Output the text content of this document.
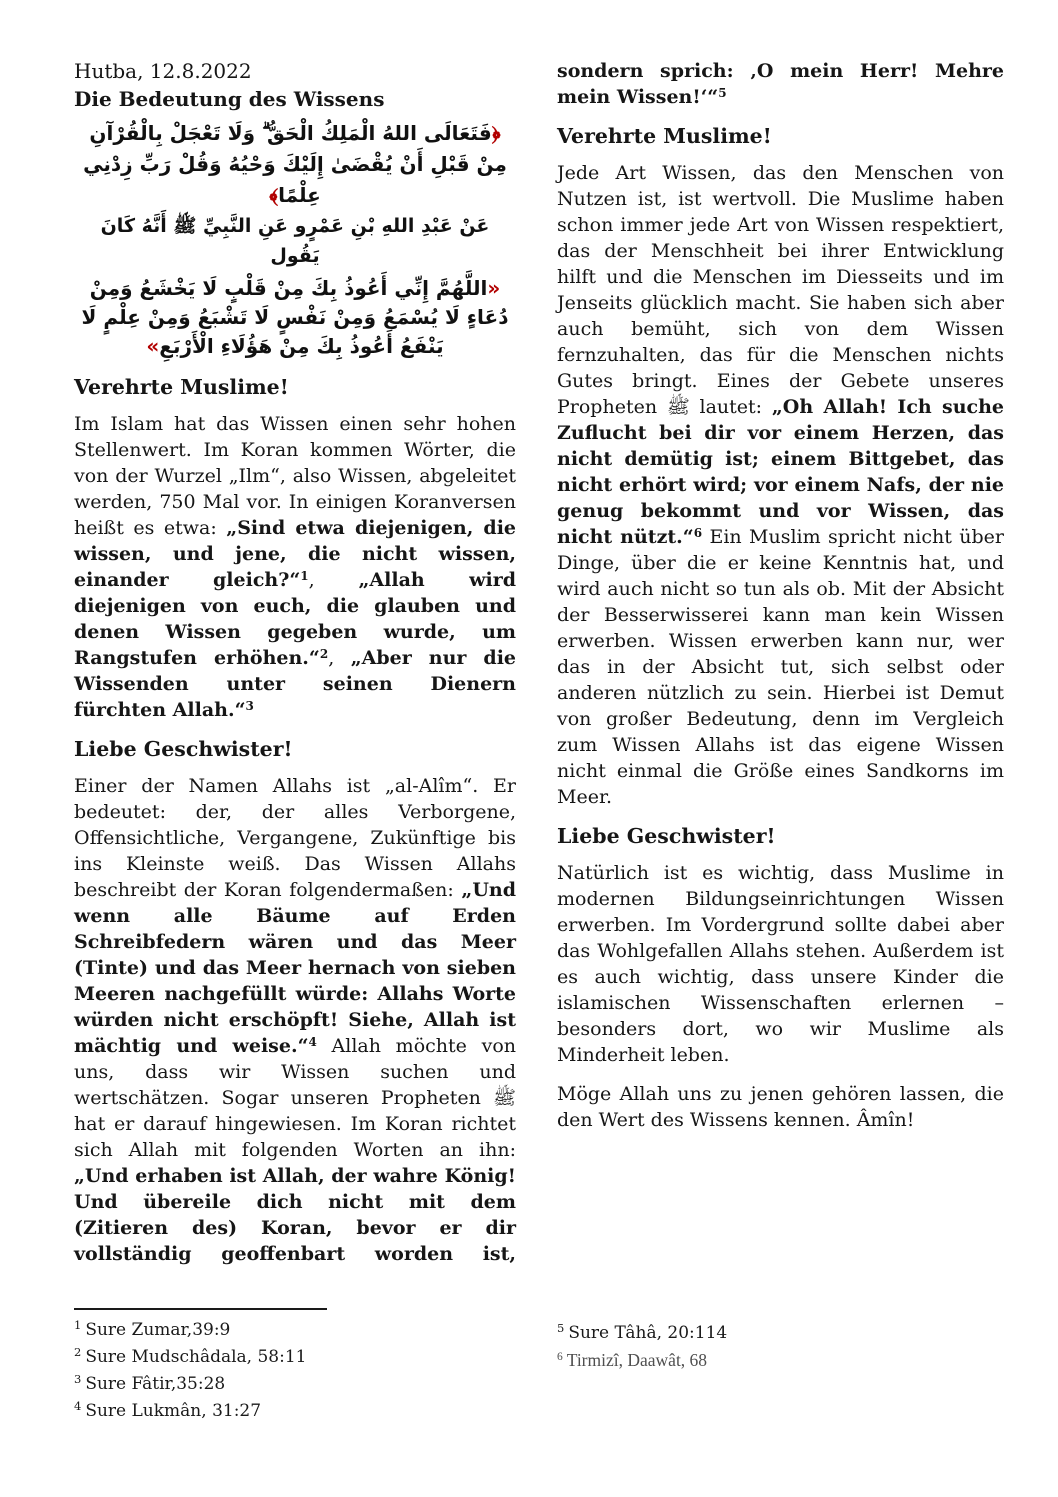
Hutba, 12.8.2022

Die Bedeutung des Wissens

﴿فَتَعَالَى اللهُ الْمَلِكُ الْحَقُّ ۗ وَلَا تَعْجَلْ بِالْقُرْآنِ مِنْ قَبْلِ أَنْ يُقْضَىٰ إِلَيْكَ وَحْيُهُ وَقُلْ رَبِّ زِدْنِي عِلْمًا﴾

عَنْ عَبْدِ اللهِ بْنِ عَمْرٍو عَنِ النَّبِيِّ ﷺ أَنَّهُ كَانَ يَقُول

«اللَّهُمَّ إِنِّي أَعُوذُ بِكَ مِنْ قَلْبٍ لَا يَخْشَعُ وَمِنْ دُعَاءٍ لَا يُسْمَعُ وَمِنْ نَفْسٍ لَا تَشْبَعُ وَمِنْ عِلْمٍ لَا يَنْفَعُ أَعُوذُ بِكَ مِنْ هَؤُلَاءِ الْأَرْبَعِ»

Verehrte Muslime!

Im Islam hat das Wissen einen sehr hohen Stellenwert. Im Koran kommen Wörter, die von der Wurzel „Ilm“, also Wissen, abgeleitet werden, 750 Mal vor. In einigen Koranversen heißt es etwa: „Sind etwa diejenigen, die wissen, und jene, die nicht wissen, einander gleich?“$^1$, „Allah wird diejenigen von euch, die glauben und denen Wissen gegeben wurde, um Rangstufen erhöhen.“$^2$, „Aber nur die Wissenden unter seinen Dienern fürchten Allah.“$^3$

Liebe Geschwister!

Einer der Namen Allahs ist „al-Alîm“. Er bedeutet: der, der alles Verborgene, Offensichtliche, Vergangene, Zukünftige bis ins Kleinste weiß. Das Wissen Allahs beschreibt der Koran folgendermaßen: „Und wenn alle Bäume auf Erden Schreibfedern wären und das Meer (Tinte) und das Meer hernach von sieben Meeren nachgefüllt würde: Allahs Worte würden nicht erschöpft! Siehe, Allah ist mächtig und weise.“$^4$ Allah möchte von uns, dass wir Wissen suchen und wertschätzen. Sogar unseren Propheten ﷺ hat er darauf hingewiesen. Im Koran richtet sich Allah mit folgenden Worten an ihn: „Und erhaben ist Allah, der wahre König! Und übereile dich nicht mit dem (Zitieren des) Koran, bevor er dir vollständig geoffenbart worden ist,

sondern sprich: ‚O mein Herr! Mehre mein Wissen!‘“$^5$

Verehrte Muslime!

Jede Art Wissen, das den Menschen von Nutzen ist, ist wertvoll. Die Muslime haben schon immer jede Art von Wissen respektiert, das der Menschheit bei ihrer Entwicklung hilft und die Menschen im Diesseits und im Jenseits glücklich macht. Sie haben sich aber auch bemüht, sich von dem Wissen fernzuhalten, das für die Menschen nichts Gutes bringt. Eines der Gebete unseres Propheten ﷺ lautet: „Oh Allah! Ich suche Zuflucht bei dir vor einem Herzen, das nicht demütig ist; einem Bittgebet, das nicht erhört wird; vor einem Nafs, der nie genug bekommt und vor Wissen, das nicht nützt.“$^6$ Ein Muslim spricht nicht über Dinge, über die er keine Kenntnis hat, und wird auch nicht so tun als ob. Mit der Absicht der Besserwisserei kann man kein Wissen erwerben. Wissen erwerben kann nur, wer das in der Absicht tut, sich selbst oder anderen nützlich zu sein. Hierbei ist Demut von großer Bedeutung, denn im Vergleich zum Wissen Allahs ist das eigene Wissen nicht einmal die Größe eines Sandkorns im Meer.

Liebe Geschwister!

Natürlich ist es wichtig, dass Muslime in modernen Bildungseinrichtungen Wissen erwerben. Im Vordergrund sollte dabei aber das Wohlgefallen Allahs stehen. Außerdem ist es auch wichtig, dass unsere Kinder die islamischen Wissenschaften erlernen – besonders dort, wo wir Muslime als Minderheit leben.

Möge Allah uns zu jenen gehören lassen, die den Wert des Wissens kennen. Âmîn!

$^1$ Sure Zumar,39:9
$^2$ Sure Mudschâdala, 58:11
$^3$ Sure Fâtir,35:28
$^4$ Sure Lukmân, 31:27
$^5$ Sure Tâhâ, 20:114
$^6$ Tirmizî, Daawât, 68
